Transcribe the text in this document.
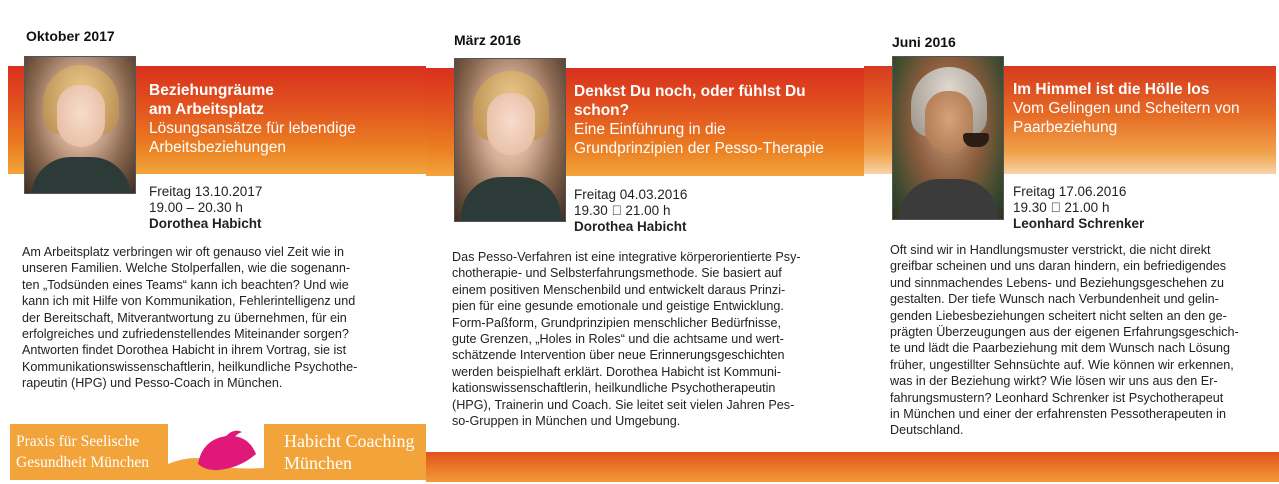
Oktober 2017
Beziehungräume
am Arbeitsplatz
Lösungsansätze für lebendige
Arbeitsbeziehungen
Freitag 13.10.2017
19.00 – 20.30 h
Dorothea Habicht
Am Arbeitsplatz verbringen wir oft genauso viel Zeit wie in
unseren Familien. Welche Stolperfallen, wie die sogenann-
ten „Todsünden eines Teams“ kann ich beachten? Und wie
kann ich mit Hilfe von Kommunikation, Fehlerintelligenz und
der Bereitschaft, Mitverantwortung zu übernehmen, für ein
erfolgreiches und zufriedenstellendes Miteinander sorgen?
Antworten findet Dorothea Habicht in ihrem Vortrag, sie ist
Kommunikationswissenschaftlerin, heilkundliche Psychothe-
rapeutin (HPG) und Pesso-Coach in München.
März 2016
Denkst Du noch, oder fühlst Du
schon?
Eine Einführung in die
Grundprinzipien der Pesso-Therapie
Freitag 04.03.2016
19.30   21.00 h
Dorothea Habicht
Das Pesso-Verfahren ist eine integrative körperorientierte Psy-
chotherapie- und Selbsterfahrungsmethode. Sie basiert auf
einem positiven Menschenbild und entwickelt daraus Prinzi-
pien für eine gesunde emotionale und geistige Entwicklung.
Form-Paßform, Grundprinzipien menschlicher Bedürfnisse,
gute Grenzen, „Holes in Roles“ und die achtsame und wert-
schätzende Intervention über neue Erinnerungsgeschichten
werden beispielhaft erklärt. Dorothea Habicht ist Kommuni-
kationswissenschaftlerin, heilkundliche Psychotherapeutin
(HPG), Trainerin und Coach. Sie leitet seit vielen Jahren Pes-
so-Gruppen in München und Umgebung.
Juni 2016
Im Himmel ist die Hölle los
Vom Gelingen und Scheitern von
Paarbeziehung
Freitag 17.06.2016
19.30   21.00 h
Leonhard Schrenker
Oft sind wir in Handlungsmuster verstrickt, die nicht direkt
greifbar scheinen und uns daran hindern, ein befriedigendes
und sinnmachendes Lebens- und Beziehungsgeschehen zu
gestalten. Der tiefe Wunsch nach Verbundenheit und gelin-
genden Liebesbeziehungen scheitert nicht selten an den ge-
prägten Überzeugungen aus der eigenen Erfahrungsgeschich-
te und lädt die Paarbeziehung mit dem Wunsch nach Lösung
früher, ungestillter Sehnsüchte auf. Wie können wir erkennen,
was in der Beziehung wirkt? Wie lösen wir uns aus den Er-
fahrungsmustern? Leonhard Schrenker ist Psychotherapeut
in München und einer der erfahrensten Pessotherapeuten in
Deutschland.
Praxis für Seelische
Gesundheit München
Habicht Coaching
München
